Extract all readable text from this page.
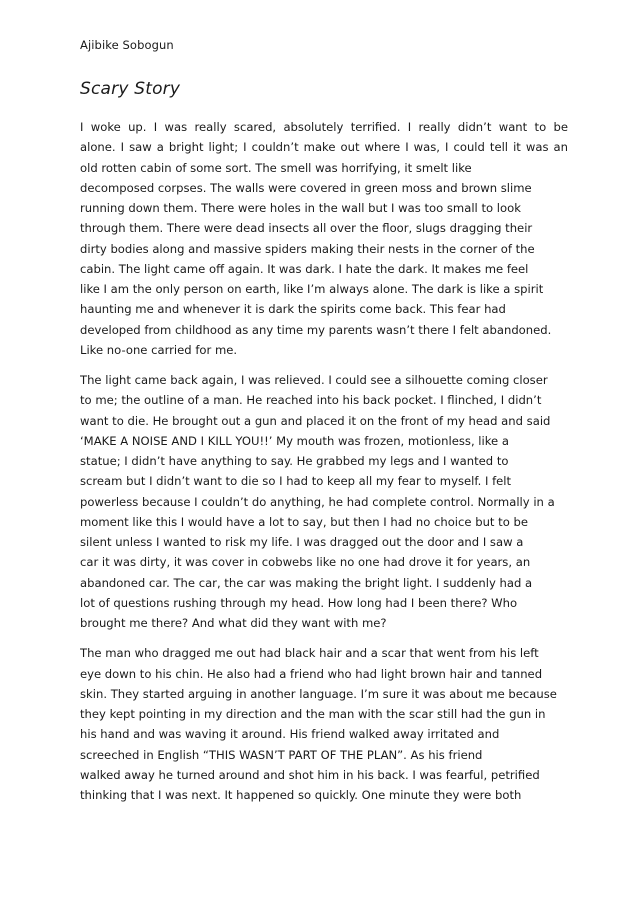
Ajibike Sobogun
Scary Story
I woke up. I was really scared, absolutely terrified. I really didn’t want to be
alone. I saw a bright light; I couldn’t make out where I was, I could tell it was an
old rotten cabin of some sort. The smell was horrifying, it smelt like
decomposed corpses. The walls were covered in green moss and brown slime
running down them. There were holes in the wall but I was too small to look
through them. There were dead insects all over the floor, slugs dragging their
dirty bodies along and massive spiders making their nests in the corner of the
cabin. The light came off again. It was dark. I hate the dark. It makes me feel
like I am the only person on earth, like I’m always alone. The dark is like a spirit
haunting me and whenever it is dark the spirits come back. This fear had
developed from childhood as any time my parents wasn’t there I felt abandoned.
Like no-one carried for me.
The light came back again, I was relieved. I could see a silhouette coming closer
to me; the outline of a man. He reached into his back pocket. I flinched, I didn’t
want to die. He brought out a gun and placed it on the front of my head and said
‘MAKE A NOISE AND I KILL YOU!!’ My mouth was frozen, motionless, like a
statue; I didn’t have anything to say. He grabbed my legs and I wanted to
scream but I didn’t want to die so I had to keep all my fear to myself. I felt
powerless because I couldn’t do anything, he had complete control. Normally in a
moment like this I would have a lot to say, but then I had no choice but to be
silent unless I wanted to risk my life. I was dragged out the door and I saw a
car it was dirty, it was cover in cobwebs like no one had drove it for years, an
abandoned car. The car, the car was making the bright light. I suddenly had a
lot of questions rushing through my head. How long had I been there? Who
brought me there? And what did they want with me?
The man who dragged me out had black hair and a scar that went from his left
eye down to his chin. He also had a friend who had light brown hair and tanned
skin. They started arguing in another language. I’m sure it was about me because
they kept pointing in my direction and the man with the scar still had the gun in
his hand and was waving it around. His friend walked away irritated and
screeched in English “THIS WASN’T PART OF THE PLAN”. As his friend
walked away he turned around and shot him in his back. I was fearful, petrified
thinking that I was next. It happened so quickly. One minute they were both
